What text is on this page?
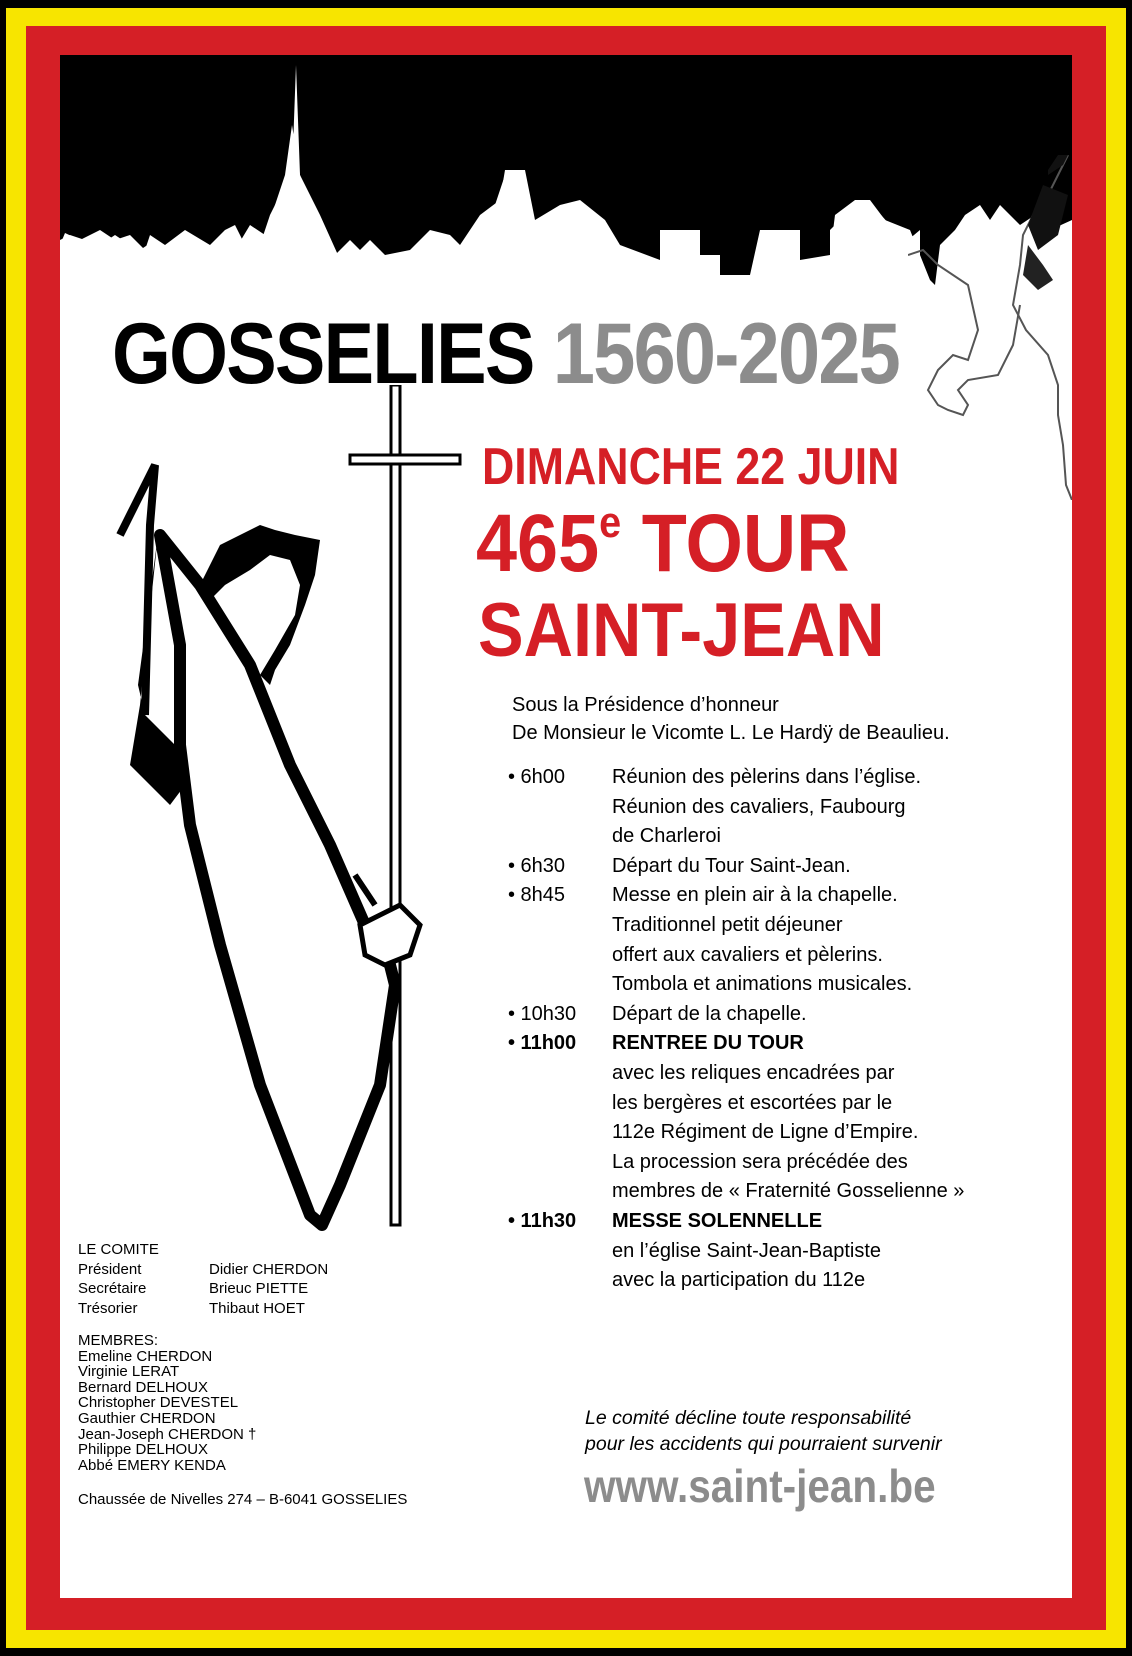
GOSSELIES 1560-2025
DIMANCHE 22 JUIN
465e TOUR
SAINT-JEAN
Sous la Présidence d’honneur
De Monsieur le Vicomte L. Le Hardÿ de Beaulieu.
• 6h00	Réunion des pèlerins dans l’église.
Réunion des cavaliers, Faubourg
de Charleroi
• 6h30	Départ du Tour Saint-Jean.
• 8h45	Messe en plein air à la chapelle.
Traditionnel petit déjeuner
offert aux cavaliers et pèlerins.
Tombola et animations musicales.
• 10h30	Départ de la chapelle.
• 11h00	RENTREE DU TOUR
avec les reliques encadrées par
les bergères et escortées par le
112e Régiment de Ligne d’Empire.
La procession sera précédée des
membres de « Fraternité Gosselienne »
• 11h30	MESSE SOLENNELLE
en l’église Saint-Jean-Baptiste
avec la participation du 112e
LE COMITE
Président	Didier CHERDON
Secrétaire	Brieuc PIETTE
Trésorier	Thibaut HOET
MEMBRES:
Emeline CHERDON
Virginie LERAT
Bernard DELHOUX
Christopher DEVESTEL
Gauthier CHERDON
Jean-Joseph CHERDON †
Philippe DELHOUX
Abbé EMERY KENDA
Chaussée de Nivelles 274 – B-6041 GOSSELIES
Le comité décline toute responsabilité
pour les accidents qui pourraient survenir
www.saint-jean.be
